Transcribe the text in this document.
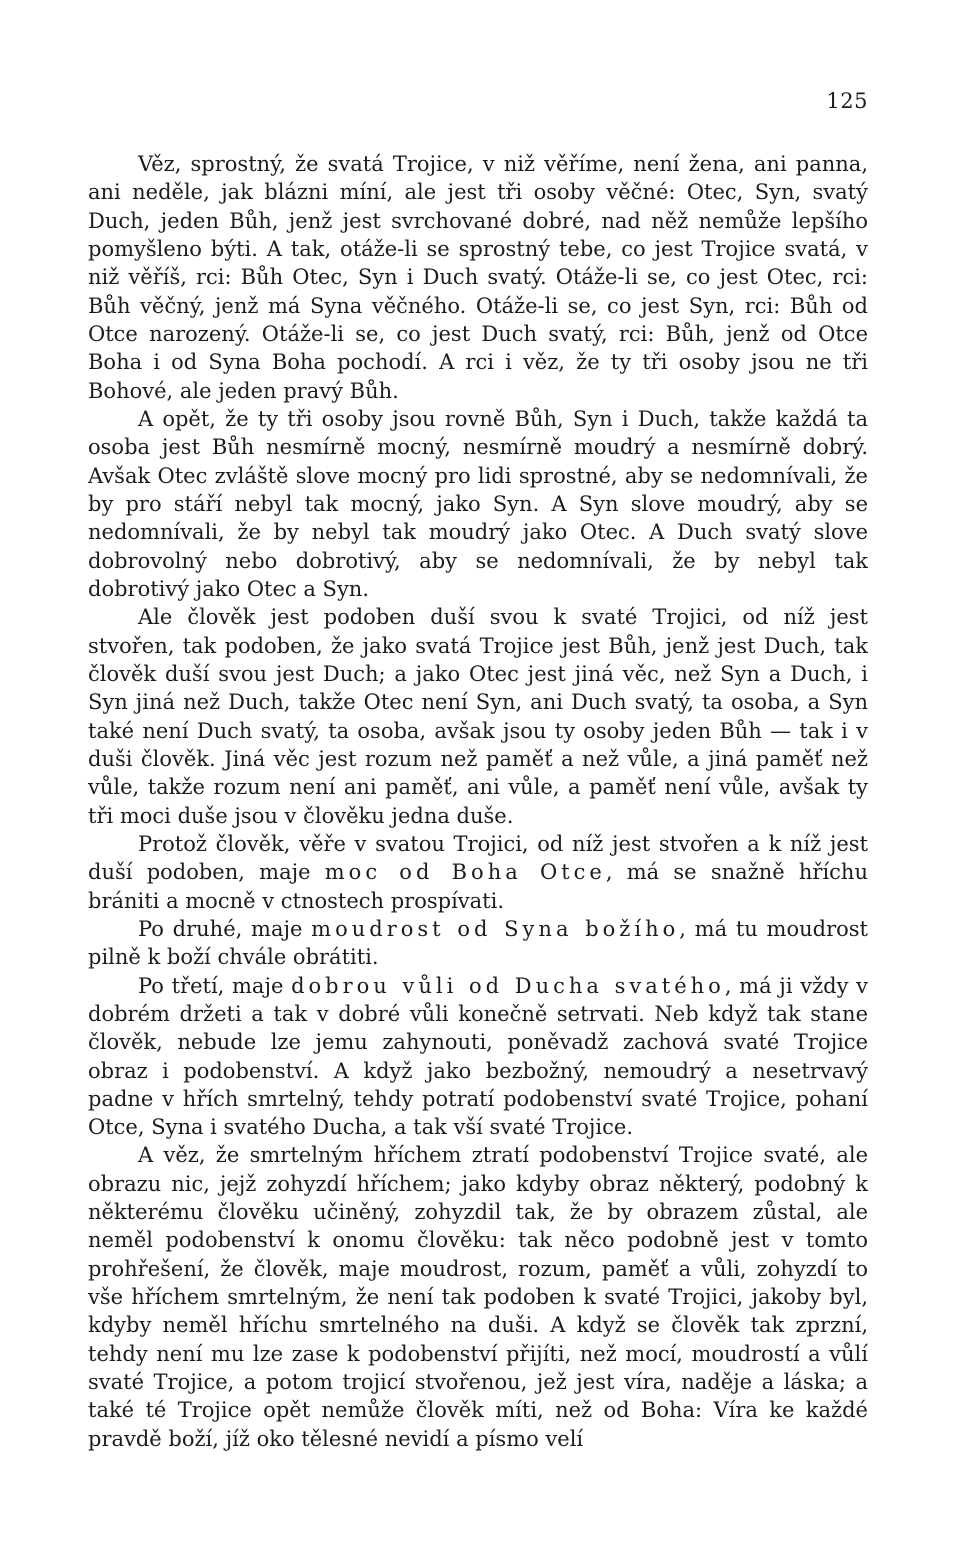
125

Věz, sprostný, že svatá Trojice, v niž věříme, není žena, ani panna, ani neděle, jak blázni míní, ale jest tři osoby věčné: Otec, Syn, svatý Duch, jeden Bůh, jenž jest svrchované dobré, nad něž nemůže lepšího pomyšleno býti. A tak, otáže-li se sprostný tebe, co jest Trojice svatá, v niž věříš, rci: Bůh Otec, Syn i Duch svatý. Otáže-li se, co jest Otec, rci: Bůh věčný, jenž má Syna věčného. Otáže-li se, co jest Syn, rci: Bůh od Otce narozený. Otáže-li se, co jest Duch svatý, rci: Bůh, jenž od Otce Boha i od Syna Boha pochodí. A rci i věz, že ty tři osoby jsou ne tři Bohové, ale jeden pravý Bůh.

A opět, že ty tři osoby jsou rovně Bůh, Syn i Duch, takže každá ta osoba jest Bůh nesmírně mocný, nesmírně moudrý a nesmírně dobrý. Avšak Otec zvláště slove mocný pro lidi sprostné, aby se nedomnívali, že by pro stáří nebyl tak mocný, jako Syn. A Syn slove moudrý, aby se nedomnívali, že by nebyl tak moudrý jako Otec. A Duch svatý slove dobrovolný nebo dobrotivý, aby se nedomnívali, že by nebyl tak dobrotivý jako Otec a Syn.

Ale člověk jest podoben duší svou k svaté Trojici, od níž jest stvořen, tak podoben, že jako svatá Trojice jest Bůh, jenž jest Duch, tak člověk duší svou jest Duch; a jako Otec jest jiná věc, než Syn a Duch, i Syn jiná než Duch, takže Otec není Syn, ani Duch svatý, ta osoba, a Syn také není Duch svatý, ta osoba, avšak jsou ty osoby jeden Bůh — tak i v duši člověk. Jiná věc jest rozum než paměť a než vůle, a jiná paměť než vůle, takže rozum není ani paměť, ani vůle, a paměť není vůle, avšak ty tři moci duše jsou v člověku jedna duše.

Protož člověk, věře v svatou Trojici, od níž jest stvořen a k níž jest duší podoben, maje moc od Boha Otce, má se snažně hříchu brániti a mocně v ctnostech prospívati.

Po druhé, maje moudrost od Syna božího, má tu moudrost pilně k boží chvále obrátiti.

Po třetí, maje dobrou vůli od Ducha svatého, má ji vždy v dobrém držeti a tak v dobré vůli konečně setrvati. Neb když tak stane člověk, nebude lze jemu zahynouti, poněvadž zachová svaté Trojice obraz i podobenství. A když jako bezbožný, nemoudrý a nesetrvavý padne v hřích smrtelný, tehdy potratí podobenství svaté Trojice, pohaní Otce, Syna i svatého Ducha, a tak vší svaté Trojice.

A věz, že smrtelným hříchem ztratí podobenství Trojice svaté, ale obrazu nic, jejž zohyzdí hříchem; jako kdyby obraz některý, podobný k některému člověku učiněný, zohyzdil tak, že by obrazem zůstal, ale neměl podobenství k onomu člověku: tak něco podobně jest v tomto prohřešení, že člověk, maje moudrost, rozum, paměť a vůli, zohyzdí to vše hříchem smrtelným, že není tak podoben k svaté Trojici, jakoby byl, kdyby neměl hříchu smrtelného na duši. A když se člověk tak zprzní, tehdy není mu lze zase k podobenství přijíti, než mocí, moudrostí a vůlí svaté Trojice, a potom trojicí stvořenou, jež jest víra, naděje a láska; a také té Trojice opět nemůže člověk míti, než od Boha: Víra ke každé pravdě boží, jíž oko tělesné nevidí a písmo velí
